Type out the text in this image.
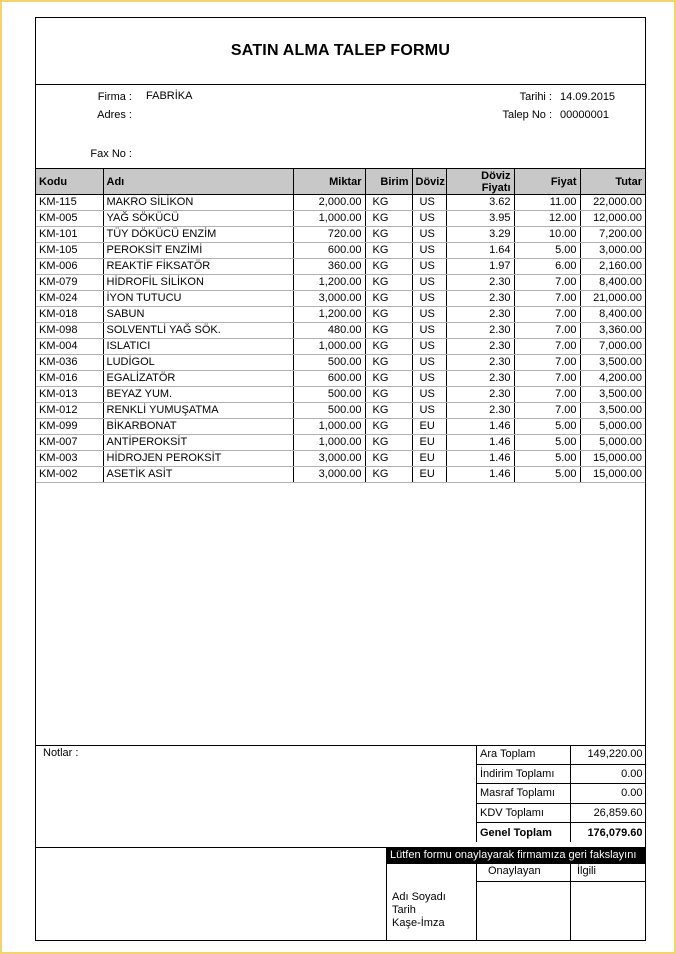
SATIN ALMA TALEP FORMU
Firma : FABRİKA
Adres :
Fax No :
Tarihi : 14.09.2015
Talep No : 00000001
Kodu	Adı	Miktar	Birim	Döviz	Döviz Fiyatı	Fiyat	Tutar
KM-115	MAKRO SİLİKON	2,000.00	KG	US	3.62	11.00	22,000.00
KM-005	YAĞ SÖKÜCÜ	1,000.00	KG	US	3.95	12.00	12,000.00
KM-101	TÜY DÖKÜCÜ ENZİM	720.00	KG	US	3.29	10.00	7,200.00
KM-105	PEROKSİT ENZİMİ	600.00	KG	US	1.64	5.00	3,000.00
KM-006	REAKTİF FİKSATÖR	360.00	KG	US	1.97	6.00	2,160.00
KM-079	HİDROFİL SİLİKON	1,200.00	KG	US	2.30	7.00	8,400.00
KM-024	İYON TUTUCU	3,000.00	KG	US	2.30	7.00	21,000.00
KM-018	SABUN	1,200.00	KG	US	2.30	7.00	8,400.00
KM-098	SOLVENTLİ YAĞ SÖK.	480.00	KG	US	2.30	7.00	3,360.00
KM-004	ISLATICI	1,000.00	KG	US	2.30	7.00	7,000.00
KM-036	LUDİGOL	500.00	KG	US	2.30	7.00	3,500.00
KM-016	EGALİZATÖR	600.00	KG	US	2.30	7.00	4,200.00
KM-013	BEYAZ YUM.	500.00	KG	US	2.30	7.00	3,500.00
KM-012	RENKLİ YUMUŞATMA	500.00	KG	US	2.30	7.00	3,500.00
KM-099	BİKARBONAT	1,000.00	KG	EU	1.46	5.00	5,000.00
KM-007	ANTİPEROKSİT	1,000.00	KG	EU	1.46	5.00	5,000.00
KM-003	HİDROJEN PEROKSİT	3,000.00	KG	EU	1.46	5.00	15,000.00
KM-002	ASETİK ASİT	3,000.00	KG	EU	1.46	5.00	15,000.00
Notlar :	Ara Toplam	149,220.00
İndirim Toplamı	0.00
Masraf Toplamı	0.00
KDV Toplamı	26,859.60
Genel Toplam	176,079.60
Lütfen formu onaylayarak firmamıza geri fakslayını
Onaylayan	İlgili
Adı Soyadı
Tarih
Kaşe-İmza
